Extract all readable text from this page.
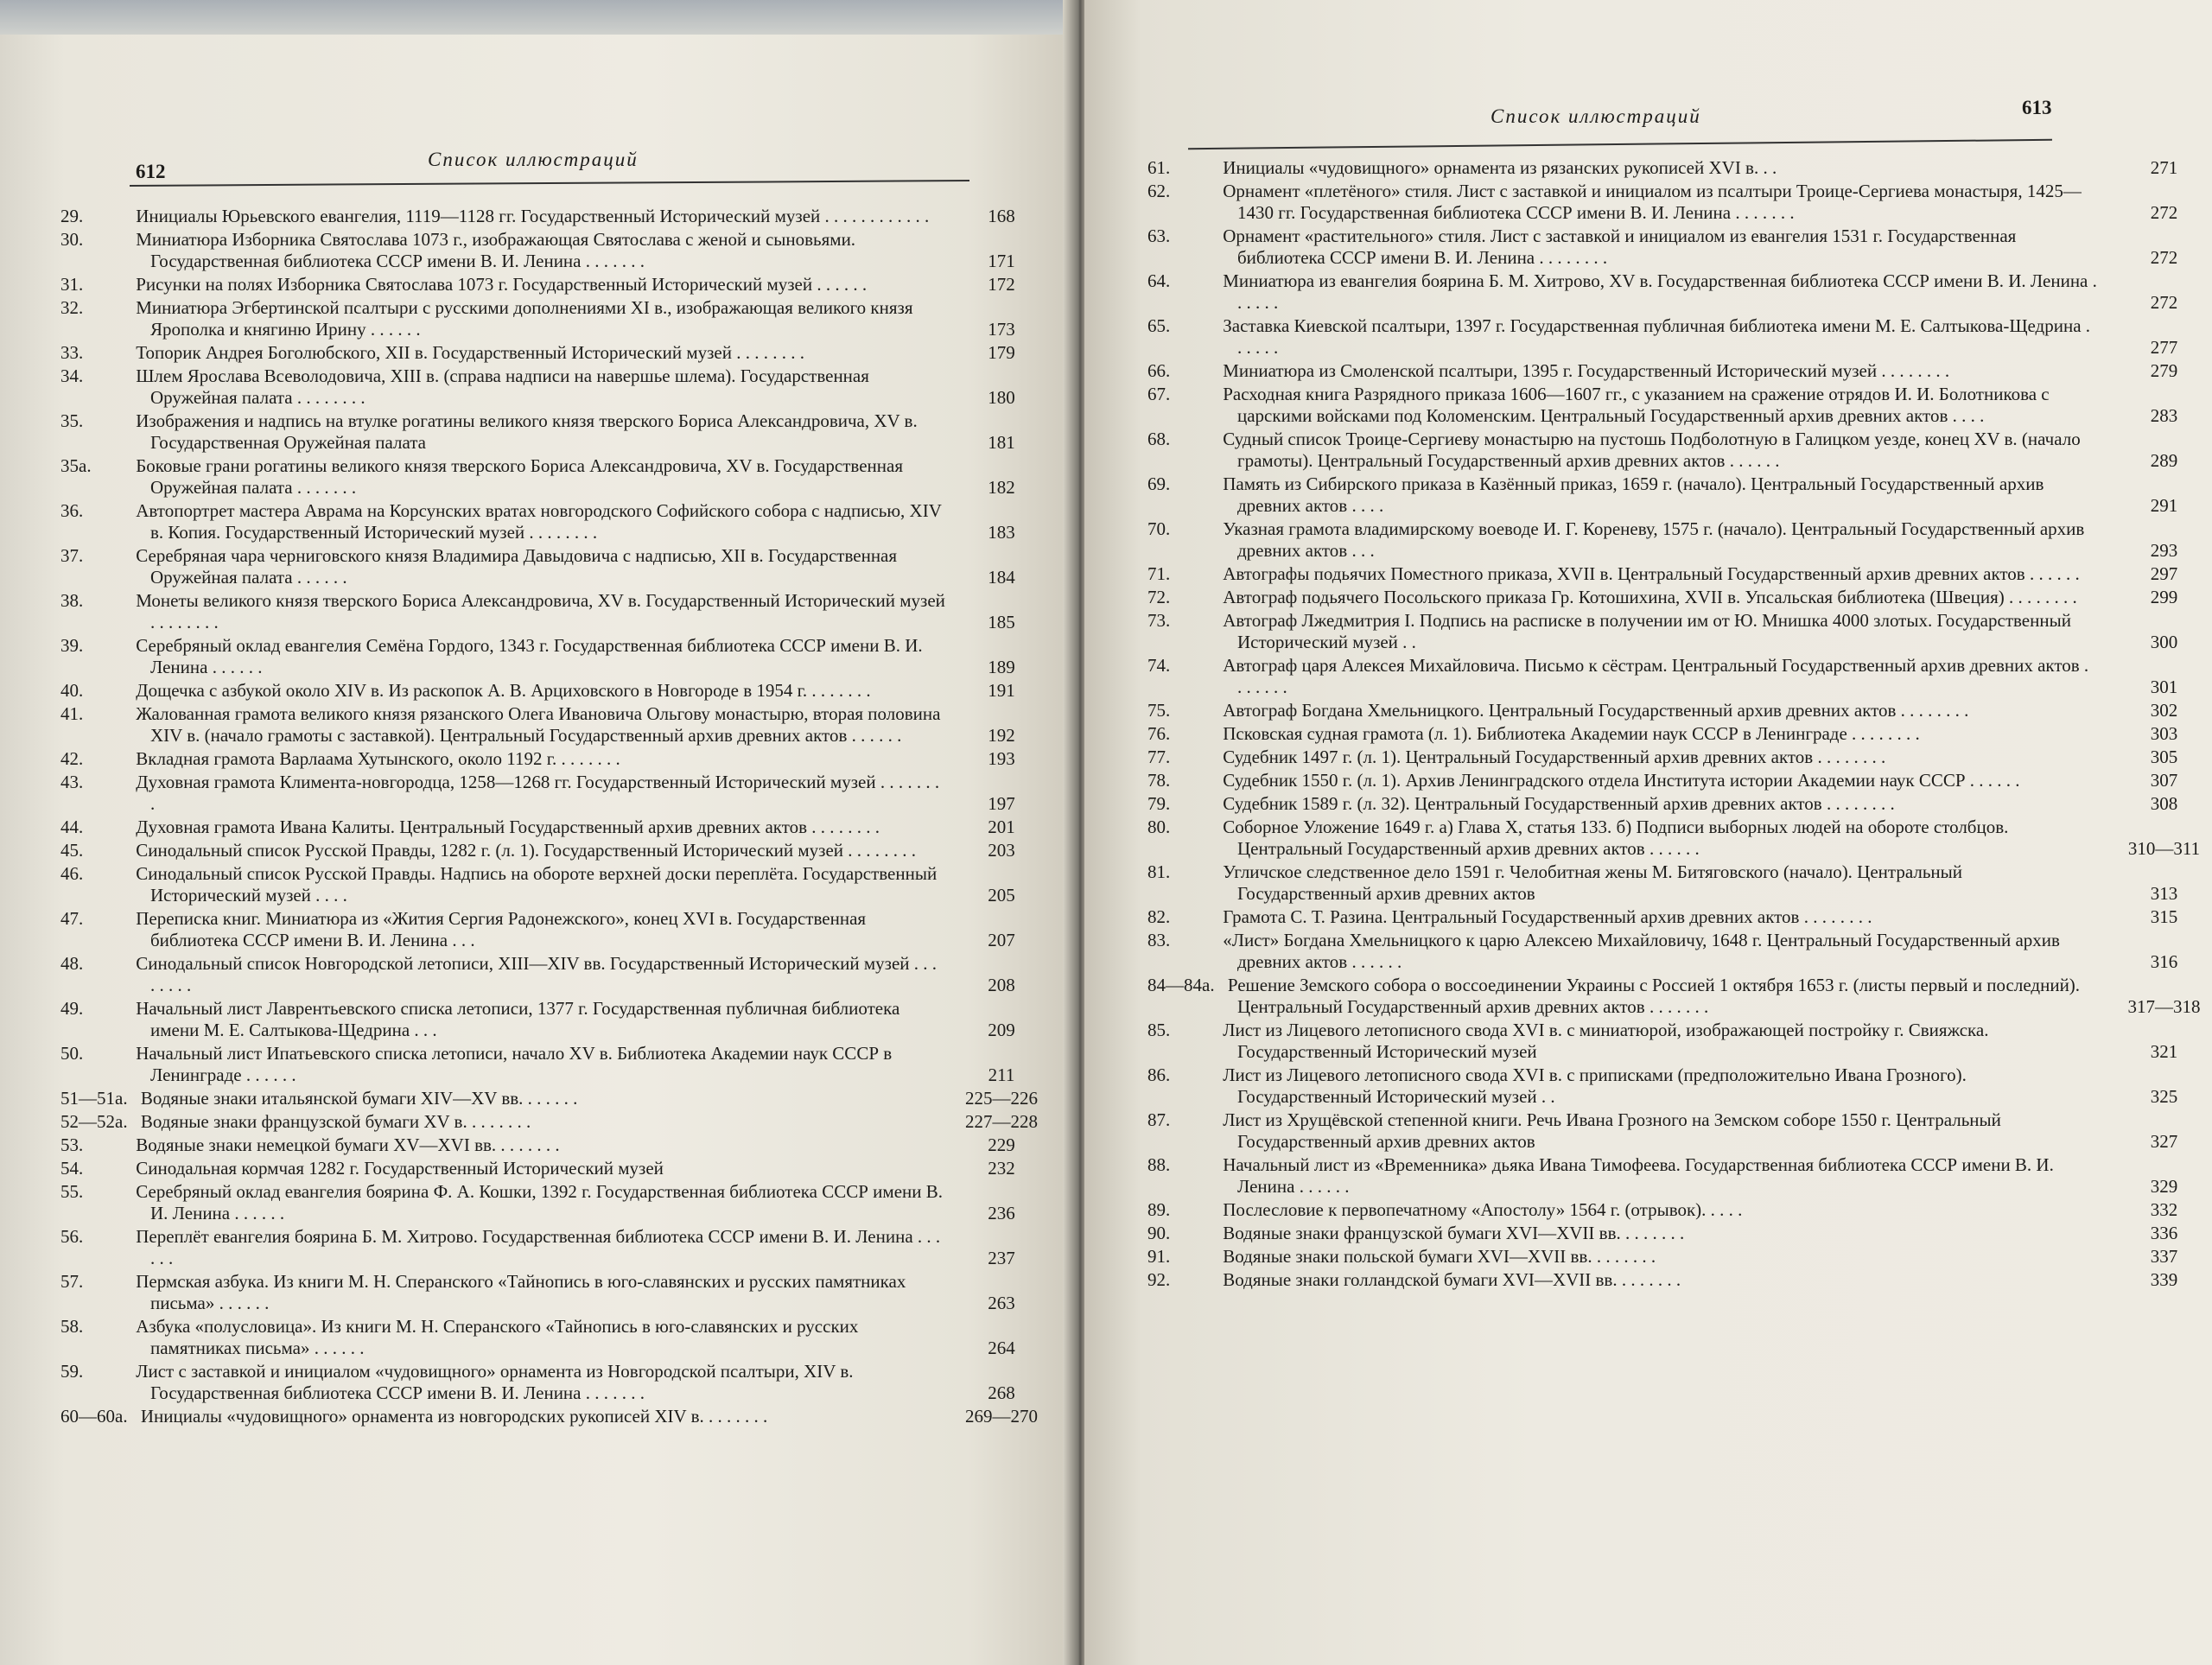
612
Список иллюстраций
29.	Инициалы Юрьевского евангелия, 1119—1128 гг. Государственный Исторический музей . . . . . . . . . . . .	168
30.	Миниатюра Изборника Святослава 1073 г., изображающая Святослава с женой и сыновьями. Государственная библиотека СССР имени В. И. Ленина . . . . . . .	171
31.	Рисунки на полях Изборника Святослава 1073 г. Государственный Исторический музей . . . . . .	172
32.	Миниатюра Эгбертинской псалтыри с русскими дополнениями XI в., изображающая великого князя Ярополка и княгиню Ирину . . . . . .	173
33.	Топорик Андрея Боголюбского, XII в. Государственный Исторический музей . . . . . . . .	179
34.	Шлем Ярослава Всеволодовича, XIII в. (справа надписи на навершье шлема). Государственная Оружейная палата . . . . . . . .	180
35.	Изображения и надпись на втулке рогатины великого князя тверского Бориса Александровича, XV в. Государственная Оружейная палата	181
35а. Боковые грани рогатины великого князя тверского Бориса Александровича, XV в. Государственная Оружейная палата . . . . . . .	182
36.	Автопортрет мастера Аврама на Корсунских вратах новгородского Софийского собора с надписью, XIV в. Копия. Государственный Исторический музей . . . . . . . .	183
37.	Серебряная чара черниговского князя Владимира Давыдовича с надписью, XII в. Государственная Оружейная палата . . . . . .	184
38.	Монеты великого князя тверского Бориса Александровича, XV в. Государственный Исторический музей . . . . . . . .	185
39.	Серебряный оклад евангелия Семёна Гордого, 1343 г. Государственная библиотека СССР имени В. И. Ленина . . . . . .	189
40.	Дощечка с азбукой около XIV в. Из раскопок А. В. Арциховского в Новгороде в 1954 г. . . . . . . .	191
41.	Жалованная грамота великого князя рязанского Олега Ивановича Ольгову монастырю, вторая половина XIV в. (начало грамоты с заставкой). Центральный Государственный архив древних актов . . . . . .	192
42.	Вкладная грамота Варлаама Хутынского, около 1192 г. . . . . . . .	193
43.	Духовная грамота Климента-новгородца, 1258—1268 гг. Государственный Исторический музей . . . . . . . .	197
44.	Духовная грамота Ивана Калиты. Центральный Государственный архив древних актов . . . . . . . .	201
45.	Синодальный список Русской Правды, 1282 г. (л. 1). Государственный Исторический музей . . . . . . . .	203
46.	Синодальный список Русской Правды. Надпись на обороте верхней доски переплёта. Государственный Исторический музей . . . .	205
47.	Переписка книг. Миниатюра из «Жития Сергия Радонежского», конец XVI в. Государственная библиотека СССР имени В. И. Ленина . . .	207
48.	Синодальный список Новгородской летописи, XIII—XIV вв. Государственный Исторический музей . . . . . . . .	208
49.	Начальный лист Лаврентьевского списка летописи, 1377 г. Государственная публичная библиотека имени М. Е. Салтыкова-Щедрина . . .	209
50.	Начальный лист Ипатьевского списка летописи, начало XV в. Библиотека Академии наук СССР в Ленинграде . . . . . .	211
51—51а. Водяные знаки итальянской бумаги XIV—XV вв. . . . . . .	225—226
52—52а. Водяные знаки французской бумаги XV в. . . . . . . .	227—228
53.	Водяные знаки немецкой бумаги XV—XVI вв. . . . . . . .	229
54.	Синодальная кормчая 1282 г. Государственный Исторический музей	232
55.	Серебряный оклад евангелия боярина Ф. А. Кошки, 1392 г. Государственная библиотека СССР имени В. И. Ленина . . . . . .	236
56.	Переплёт евангелия боярина Б. М. Хитрово. Государственная библиотека СССР имени В. И. Ленина . . . . . .	237
57.	Пермская азбука. Из книги М. Н. Сперанского «Тайнопись в юго-славянских и русских памятниках письма» . . . . . .	263
58.	Азбука «полусловица». Из книги М. Н. Сперанского «Тайнопись в юго-славянских и русских памятниках письма» . . . . . .	264
59.	Лист с заставкой и инициалом «чудовищного» орнамента из Новгородской псалтыри, XIV в. Государственная библиотека СССР имени В. И. Ленина . . . . . . .	268
60—60а. Инициалы «чудовищного» орнамента из новгородских рукописей XIV в. . . . . . . .	269—270
Список иллюстраций	613
61.	Инициалы «чудовищного» орнамента из рязанских рукописей XVI в. . .	271
62.	Орнамент «плетёного» стиля. Лист с заставкой и инициалом из псалтыри Троице-Сергиева монастыря, 1425—1430 гг. Государственная библиотека СССР имени В. И. Ленина . . . . . . .	272
63.	Орнамент «растительного» стиля. Лист с заставкой и инициалом из евангелия 1531 г. Государственная библиотека СССР имени В. И. Ленина . . . . . . . .	272
64.	Миниатюра из евангелия боярина Б. М. Хитрово, XV в. Государственная библиотека СССР имени В. И. Ленина . . . . . .	272
65.	Заставка Киевской псалтыри, 1397 г. Государственная публичная библиотека имени М. Е. Салтыкова-Щедрина . . . . . .	277
66.	Миниатюра из Смоленской псалтыри, 1395 г. Государственный Исторический музей . . . . . . . .	279
67.	Расходная книга Разрядного приказа 1606—1607 гг., с указанием на сражение отрядов И. И. Болотникова с царскими войсками под Коломенским. Центральный Государственный архив древних актов . . . .	283
68.	Судный список Троице-Сергиеву монастырю на пустошь Подболотную в Галицком уезде, конец XV в. (начало грамоты). Центральный Государственный архив древних актов . . . . . .	289
69.	Память из Сибирского приказа в Казённый приказ, 1659 г. (начало). Центральный Государственный архив древних актов . . . .	291
70.	Указная грамота владимирскому воеводе И. Г. Кореневу, 1575 г. (начало). Центральный Государственный архив древних актов . . .	293
71.	Автографы подьячих Поместного приказа, XVII в. Центральный Государственный архив древних актов . . . . . .	297
72.	Автограф подьячего Посольского приказа Гр. Котошихина, XVII в. Упсальская библиотека (Швеция) . . . . . . . .	299
73.	Автограф Лжедмитрия I. Подпись на расписке в получении им от Ю. Мнишка 4000 злотых. Государственный Исторический музей . .	300
74.	Автограф царя Алексея Михайловича. Письмо к сёстрам. Центральный Государственный архив древних актов . . . . . . .	301
75.	Автограф Богдана Хмельницкого. Центральный Государственный архив древних актов . . . . . . . .	302
76.	Псковская судная грамота (л. 1). Библиотека Академии наук СССР в Ленинграде . . . . . . . .	303
77.	Судебник 1497 г. (л. 1). Центральный Государственный архив древних актов . . . . . . . .	305
78.	Судебник 1550 г. (л. 1). Архив Ленинградского отдела Института истории Академии наук СССР . . . . . .	307
79.	Судебник 1589 г. (л. 32). Центральный Государственный архив древних актов . . . . . . . .	308
80.	Соборное Уложение 1649 г. а) Глава X, статья 133. б) Подписи выборных людей на обороте столбцов. Центральный Государственный архив древних актов . . . . . .	310—311
81.	Угличское следственное дело 1591 г. Челобитная жены М. Битяговского (начало). Центральный Государственный архив древних актов	313
82.	Грамота С. Т. Разина. Центральный Государственный архив древних актов . . . . . . . .	315
83.	«Лист» Богдана Хмельницкого к царю Алексею Михайловичу, 1648 г. Центральный Государственный архив древних актов . . . . . .	316
84—84а. Решение Земского собора о воссоединении Украины с Россией 1 октября 1653 г. (листы первый и последний). Центральный Государственный архив древних актов . . . . . . .	317—318
85.	Лист из Лицевого летописного свода XVI в. с миниатюрой, изображающей постройку г. Свияжска. Государственный Исторический музей	321
86.	Лист из Лицевого летописного свода XVI в. с приписками (предположительно Ивана Грозного). Государственный Исторический музей . .	325
87.	Лист из Хрущёвской степенной книги. Речь Ивана Грозного на Земском соборе 1550 г. Центральный Государственный архив древних актов	327
88.	Начальный лист из «Временника» дьяка Ивана Тимофеева. Государственная библиотека СССР имени В. И. Ленина . . . . . .	329
89.	Послесловие к первопечатному «Апостолу» 1564 г. (отрывок). . . . .	332
90.	Водяные знаки французской бумаги XVI—XVII вв. . . . . . . .	336
91.	Водяные знаки польской бумаги XVI—XVII вв. . . . . . . .	337
92.	Водяные знаки голландской бумаги XVI—XVII вв. . . . . . . .	339
